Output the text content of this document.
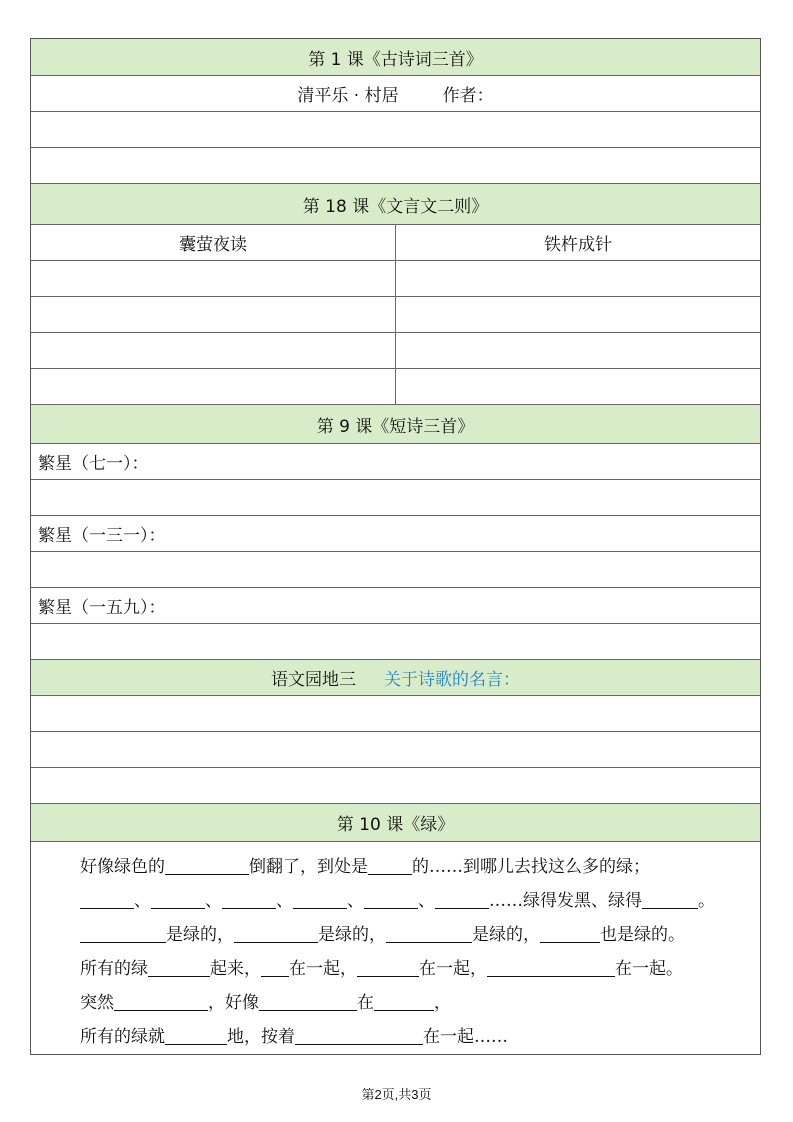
第 1 课《古诗词三首》
清平乐 · 村居	作者：
第 18 课《文言文二则》
囊萤夜读	铁杵成针
第 9 课《短诗三首》
繁星（七一）：
繁星（一三一）：
繁星（一五九）：
语文园地三 关于诗歌的名言：
第 10 课《绿》
好像绿色的	倒翻了，到处是	的……到哪儿去找这么多的绿；
、	、	、	、	、	……绿得发黑、绿得	。
是绿的，	是绿的，	是绿的，	也是绿的。
所有的绿	起来， 在一起，	在一起，	在一起。
突然	，好像	在	，
所有的绿就	地，按着	在一起……
第2页,共3页
